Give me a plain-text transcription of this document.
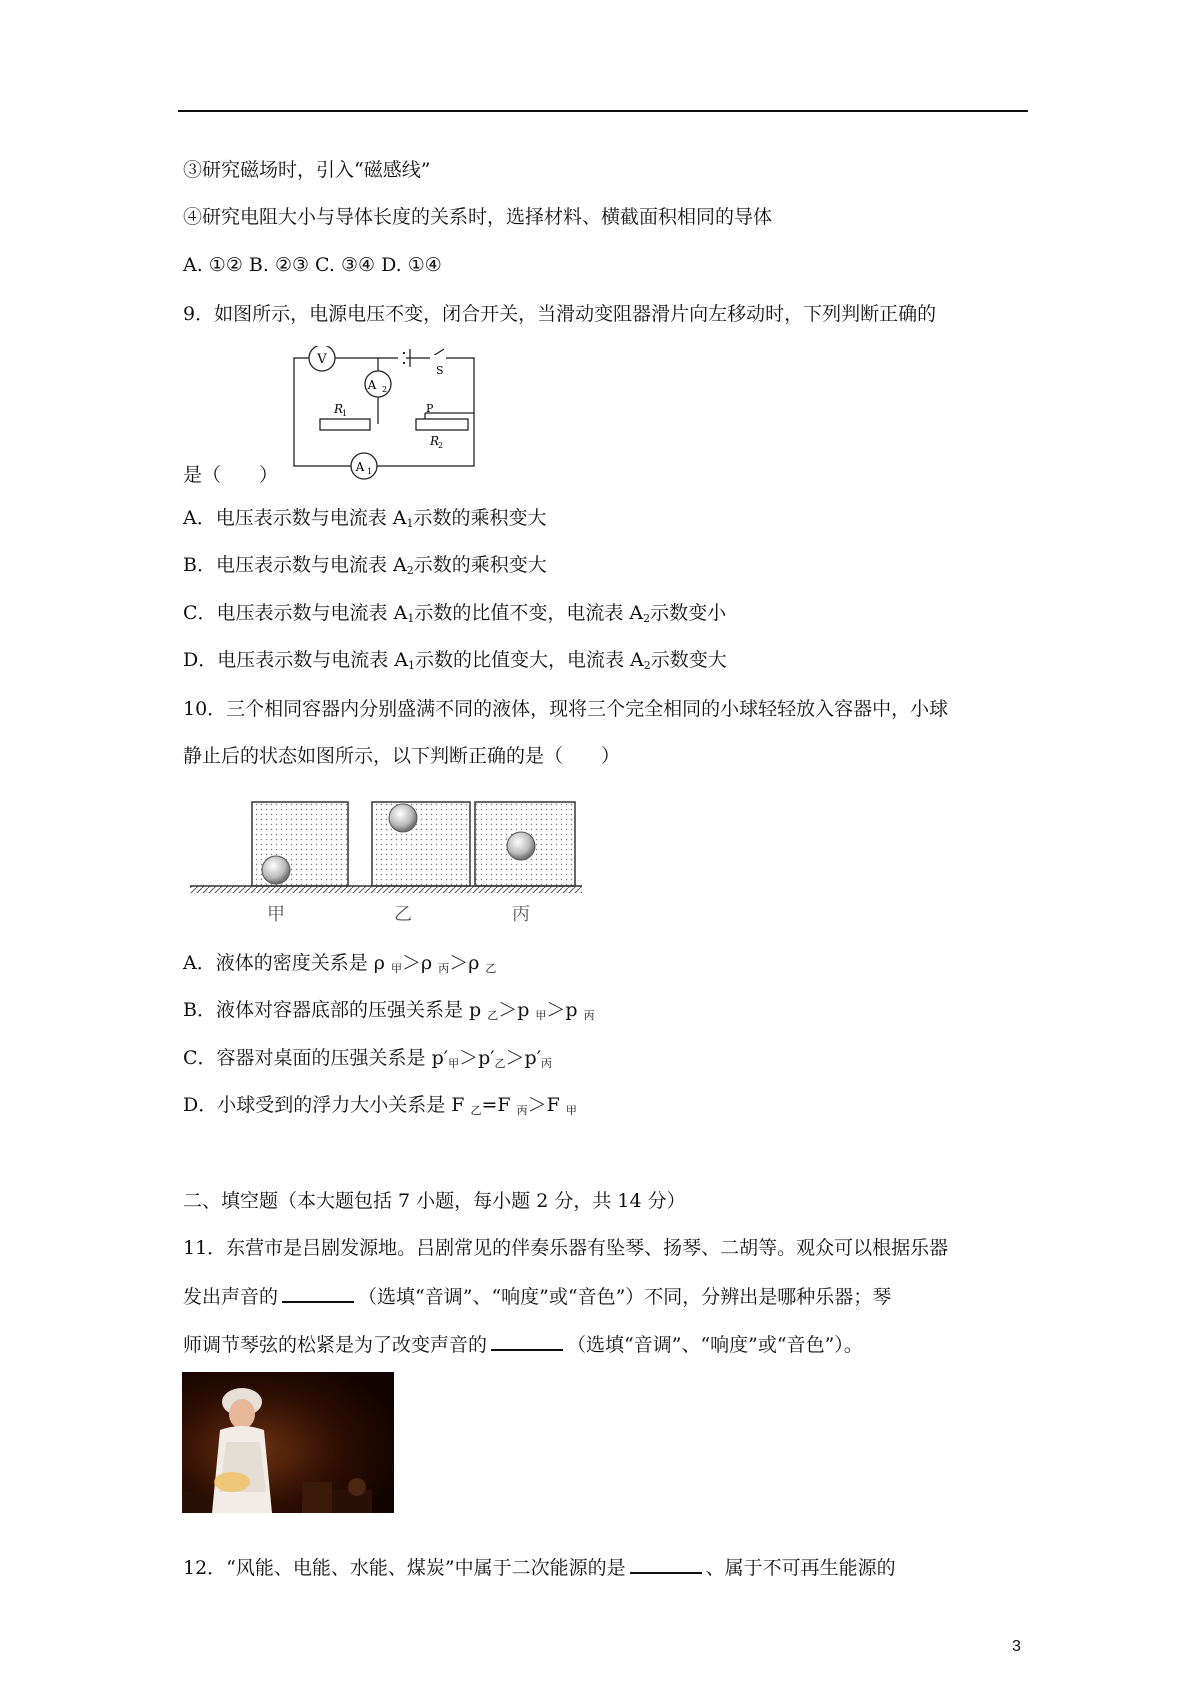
③研究磁场时，引入“磁感线”
④研究电阻大小与导体长度的关系时，选择材料、横截面积相同的导体
A. ①② B. ②③ C. ③④ D. ①④
9．如图所示，电源电压不变，闭合开关，当滑动变阻器滑片向左移动时，下列判断正确的
V
A 2
A 1
R
1
R
2
P
S
是（　　）
A．电压表示数与电流表 A1示数的乘积变大
B．电压表示数与电流表 A2示数的乘积变大
C．电压表示数与电流表 A1示数的比值不变，电流表 A2示数变小
D．电压表示数与电流表 A1示数的比值变大，电流表 A2示数变大
10．三个相同容器内分别盛满不同的液体，现将三个完全相同的小球轻轻放入容器中，小球
静止后的状态如图所示，以下判断正确的是（　　）
甲	乙	丙
A．液体的密度关系是 ρ 甲＞ρ 丙＞ρ 乙
B．液体对容器底部的压强关系是 p 乙＞p 甲＞p 丙
C．容器对桌面的压强关系是 p′甲＞p′乙＞p′丙
D．小球受到的浮力大小关系是 F 乙=F 丙＞F 甲
二、填空题（本大题包括 7 小题，每小题 2 分，共 14 分）
11．东营市是吕剧发源地。吕剧常见的伴奏乐器有坠琴、扬琴、二胡等。观众可以根据乐器
发出声音的	（选填“音调”、“响度”或“音色”）不同，分辨出是哪种乐器；琴
师调节琴弦的松紧是为了改变声音的	（选填“音调”、“响度”或“音色”）。
12．“风能、电能、水能、煤炭”中属于二次能源的是	、属于不可再生能源的
3
